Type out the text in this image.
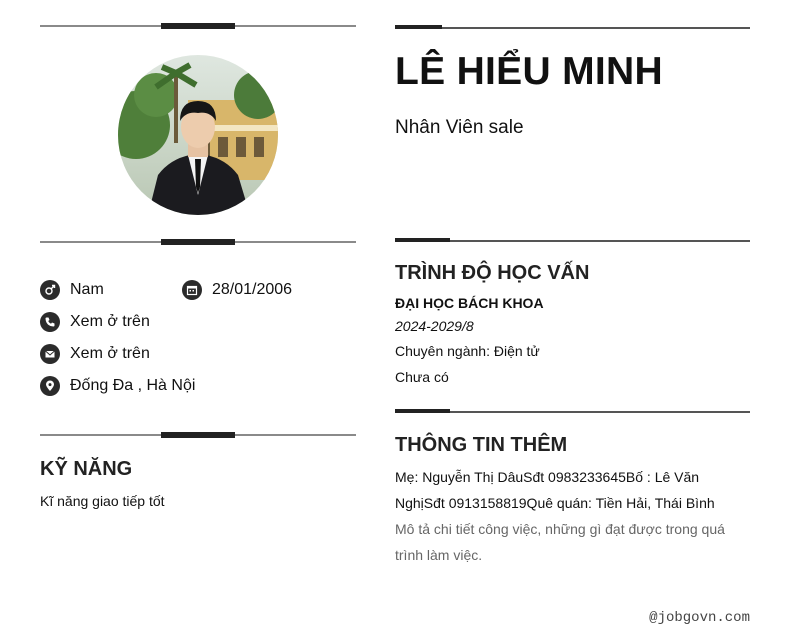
Nam	28/01/2006
Xem ở trên
Xem ở trên
Đống Đa , Hà Nội
KỸ NĂNG
Kĩ năng giao tiếp tốt
LÊ HIỂU MINH
Nhân Viên sale
TRÌNH ĐỘ HỌC VẤN
ĐẠI HỌC BÁCH KHOA
2024-2029/8
Chuyên ngành: Điện tử
Chưa có
THÔNG TIN THÊM
Mẹ: Nguyễn Thị DâuSđt 0983233645Bố : Lê Văn
NghịSđt 0913158819Quê quán: Tiền Hải, Thái Bình
Mô tả chi tiết công việc, những gì đạt được trong quá
trình làm việc.
@jobgovn.com
